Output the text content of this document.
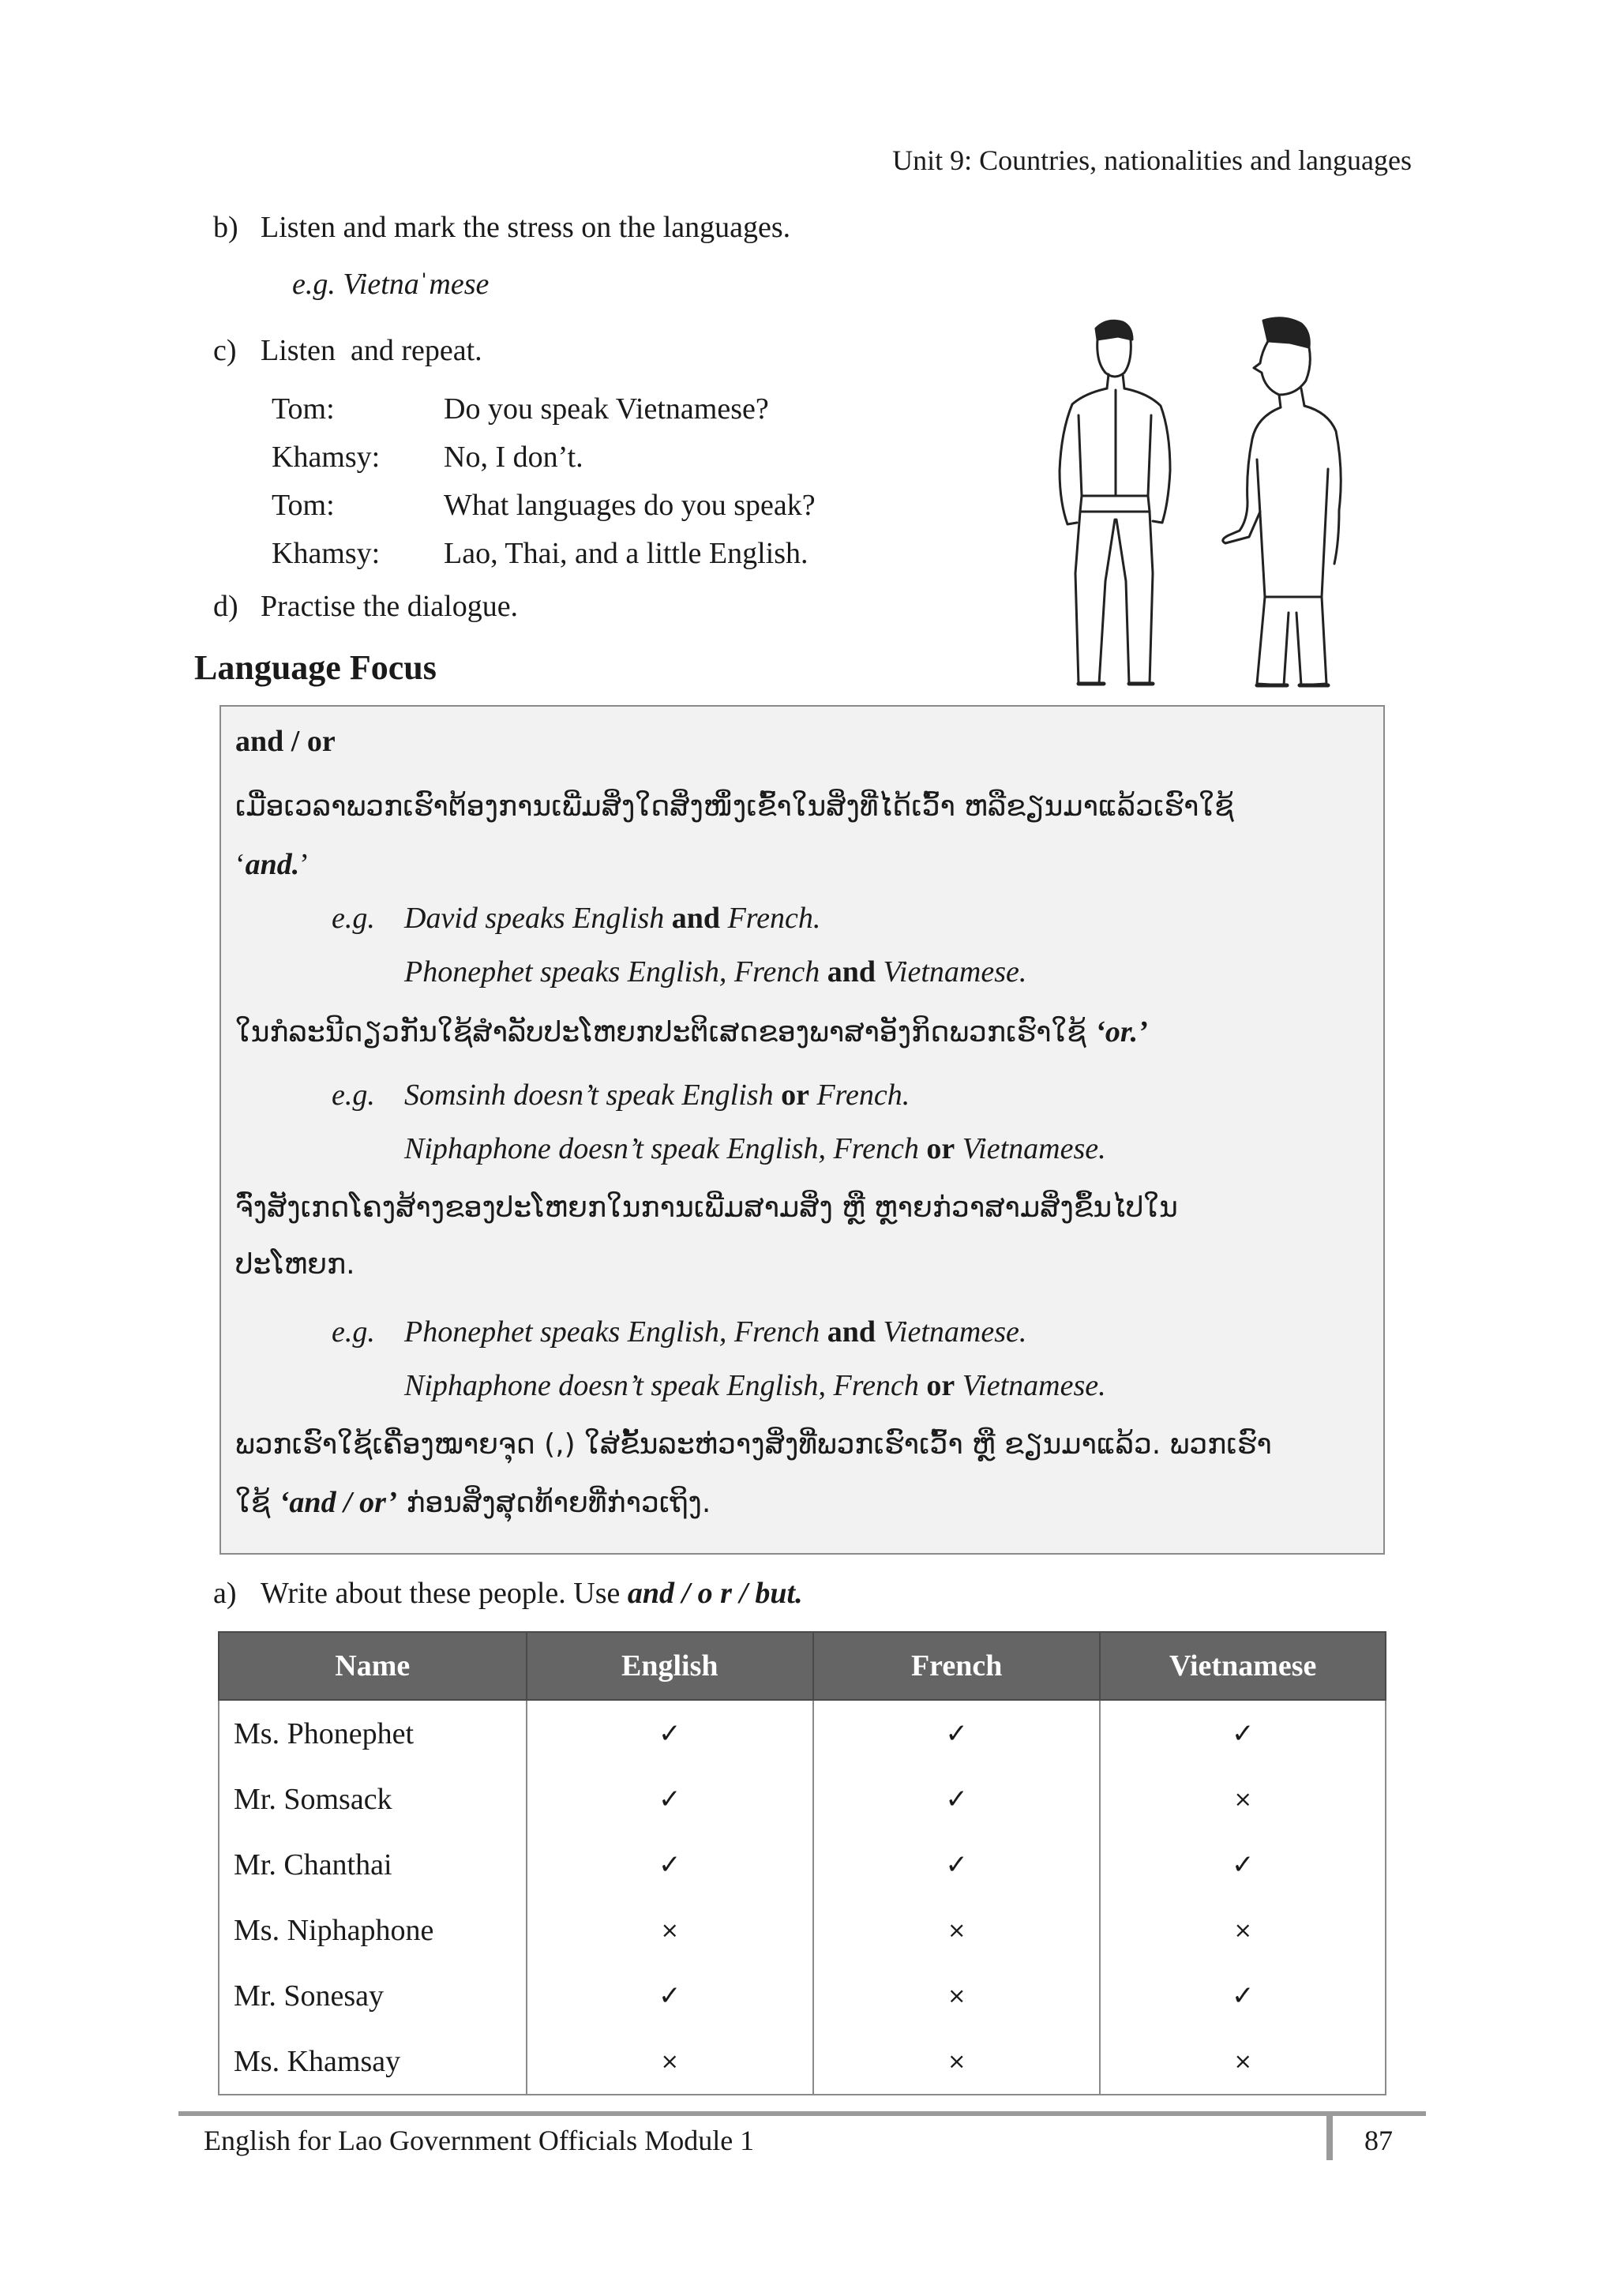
Unit 9: Countries, nationalities and languages
b) Listen and mark the stress on the languages.
e.g. Vietnaˈmese
c) Listen  and repeat.
Tom:	Do you speak Vietnamese?
Khamsy: No, I don’t.
Tom:	What languages do you speak?
Khamsy: Lao, Thai, and a little English.
d) Practise the dialogue.
Language Focus
and / or
ເມື່ອເວລາພວກເຮົາຕ້ອງການເພີ່ມສິ່ງໃດສິ່ງໜຶ່ງເຂົ້າໃນສິ່ງທີ່ໄດ້ເວົ້າ ຫລືຂຽນມາແລ້ວເຮົາໃຊ້
‘and.’
e.g. David speaks English and French.
Phonephet speaks English, French and Vietnamese.
ໃນກໍລະນີດຽວກັນໃຊ້ສຳລັບປະໂຫຍກປະຕິເສດຂອງພາສາອັງກິດພວກເຮົາໃຊ້ ‘or.’
e.g. Somsinh doesn’t speak English or French.
Niphaphone doesn’t speak English, French or Vietnamese.
ຈົ່ງສັງເກດໂຄງສ້າງຂອງປະໂຫຍກໃນການເພີ່ມສາມສິ່ງ ຫຼື ຫຼາຍກ່ວາສາມສິ່ງຂຶ້ນໄປໃນ
ປະໂຫຍກ.
e.g. Phonephet speaks English, French and Vietnamese.
Niphaphone doesn’t speak English, French or Vietnamese.
ພວກເຮົາໃຊ້ເຄື່ອງໝາຍຈຸດ (,) ໃສ່ຂັ້ນລະຫ່ວາງສິ່ງທີ່ພວກເຮົາເວົ້າ ຫຼື ຂຽນມາແລ້ວ. ພວກເຮົາ
ໃຊ້ ‘and / or’ ກ່ອນສິ່ງສຸດທ້າຍທີ່ກ່າວເຖິງ.
a) Write about these people. Use and / o r / but.
Name	English	French	Vietnamese
Ms. Phonephet	✓	✓	✓
Mr. Somsack	✓	✓	×
Mr. Chanthai	✓	✓	✓
Ms. Niphaphone	×	×	×
Mr. Sonesay	✓	×	✓
Ms. Khamsay	×	×	×
English for Lao Government Officials Module 1	87
